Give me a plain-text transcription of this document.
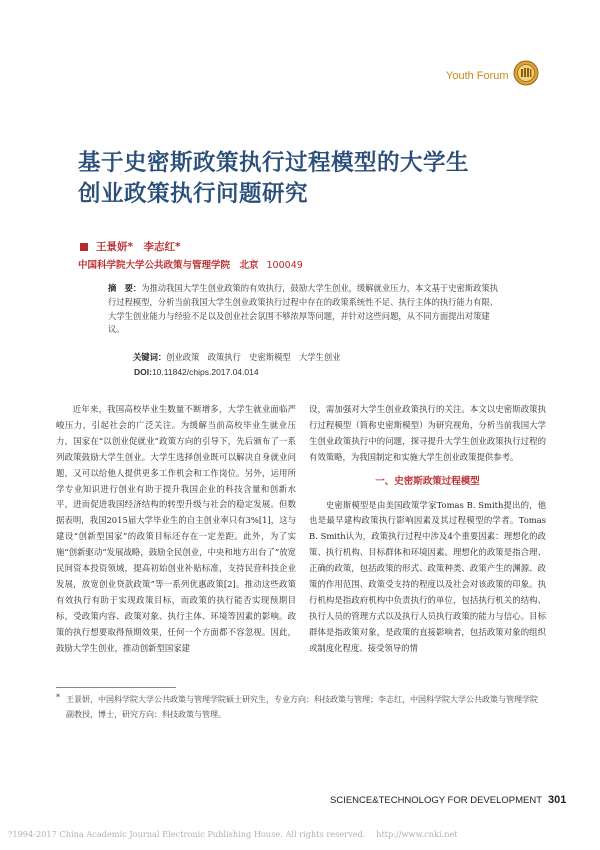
Youth Forum
基于史密斯政策执行过程模型的大学生
创业政策执行问题研究
王景妍*　李志红*
中国科学院大学公共政策与管理学院　北京 100049

摘　要：为推动我国大学生创业政策的有效执行，鼓励大学生创业，缓解就业压力，本文基于史密斯政策执行过程模型，分析当前我国大学生创业政策执行过程中存在的政策系统性不足、执行主体的执行能力有限、大学生创业能力与经验不足以及创业社会氛围不够浓厚等问题，并针对这些问题，从不同方面提出对策建议。

关键词：创业政策　政策执行　史密斯模型　大学生创业
DOI:10.11842/chips.2017.04.014

近年来，我国高校毕业生数量不断增多，大学生就业面临严峻压力，引起社会的广泛关注。为缓解当前高校毕业生就业压力，国家在“以创业促就业”政策方向的引导下，先后颁布了一系列政策鼓励大学生创业。大学生选择创业既可以解决自身就业问题，又可以给他人提供更多工作机会和工作岗位。另外，运用所学专业知识进行创业有助于提升我国企业的科技含量和创新水平，进而促进我国经济结构的转型升级与社会的稳定发展。但数据表明，我国2015届大学毕业生的自主创业率只有3%[1]，这与建设“创新型国家”的政策目标还存在一定差距。此外，为了实施“创新驱动”发展战略，鼓励全民创业，中央和地方出台了“放宽民间资本投资领域，提高初始创业补贴标准，支持民营科技企业发展，放宽创业贷款政策”等一系列优惠政策[2]。推动这些政策有效执行有助于实现政策目标，而政策的执行能否实现预期目标，受政策内容、政策对象、执行主体、环境等因素的影响。政策的执行想要取得预期效果，任何一个方面都不容忽视。因此，鼓励大学生创业，推动创新型国家建

设，需加强对大学生创业政策执行的关注。本文以史密斯政策执行过程模型（简称史密斯模型）为研究视角，分析当前我国大学生创业政策执行中的问题，探寻提升大学生创业政策执行过程的有效策略，为我国制定和实施大学生创业政策提供参考。

一、史密斯政策过程模型

史密斯模型是由美国政策学家Tomas B. Smith提出的，他也是最早建构政策执行影响因素及其过程模型的学者。Tomas B. Smith认为，政策执行过程中涉及4个重要因素：理想化的政策、执行机构、目标群体和环境因素。理想化的政策是指合理、正确的政策，包括政策的形式、政策种类、政策产生的渊源、政策的作用范围、政策受支持的程度以及社会对该政策的印象。执行机构是指政府机构中负责执行的单位，包括执行机关的结构、执行人员的管理方式以及执行人员执行政策的能力与信心。目标群体是指政策对象，是政策的直接影响者，包括政策对象的组织或制度化程度、接受领导的情

* 王景妍，中国科学院大学公共政策与管理学院硕士研究生，专业方向：科技政策与管理；李志红，中国科学院大学公共政策与管理学院副教授，博士，研究方向：科技政策与管理。
SCIENCE&TECHNOLOGY FOR DEVELOPMENT 301
?1994-2017 China Academic Journal Electronic Publishing House. All rights reserved.　 http://www.cnki.net
